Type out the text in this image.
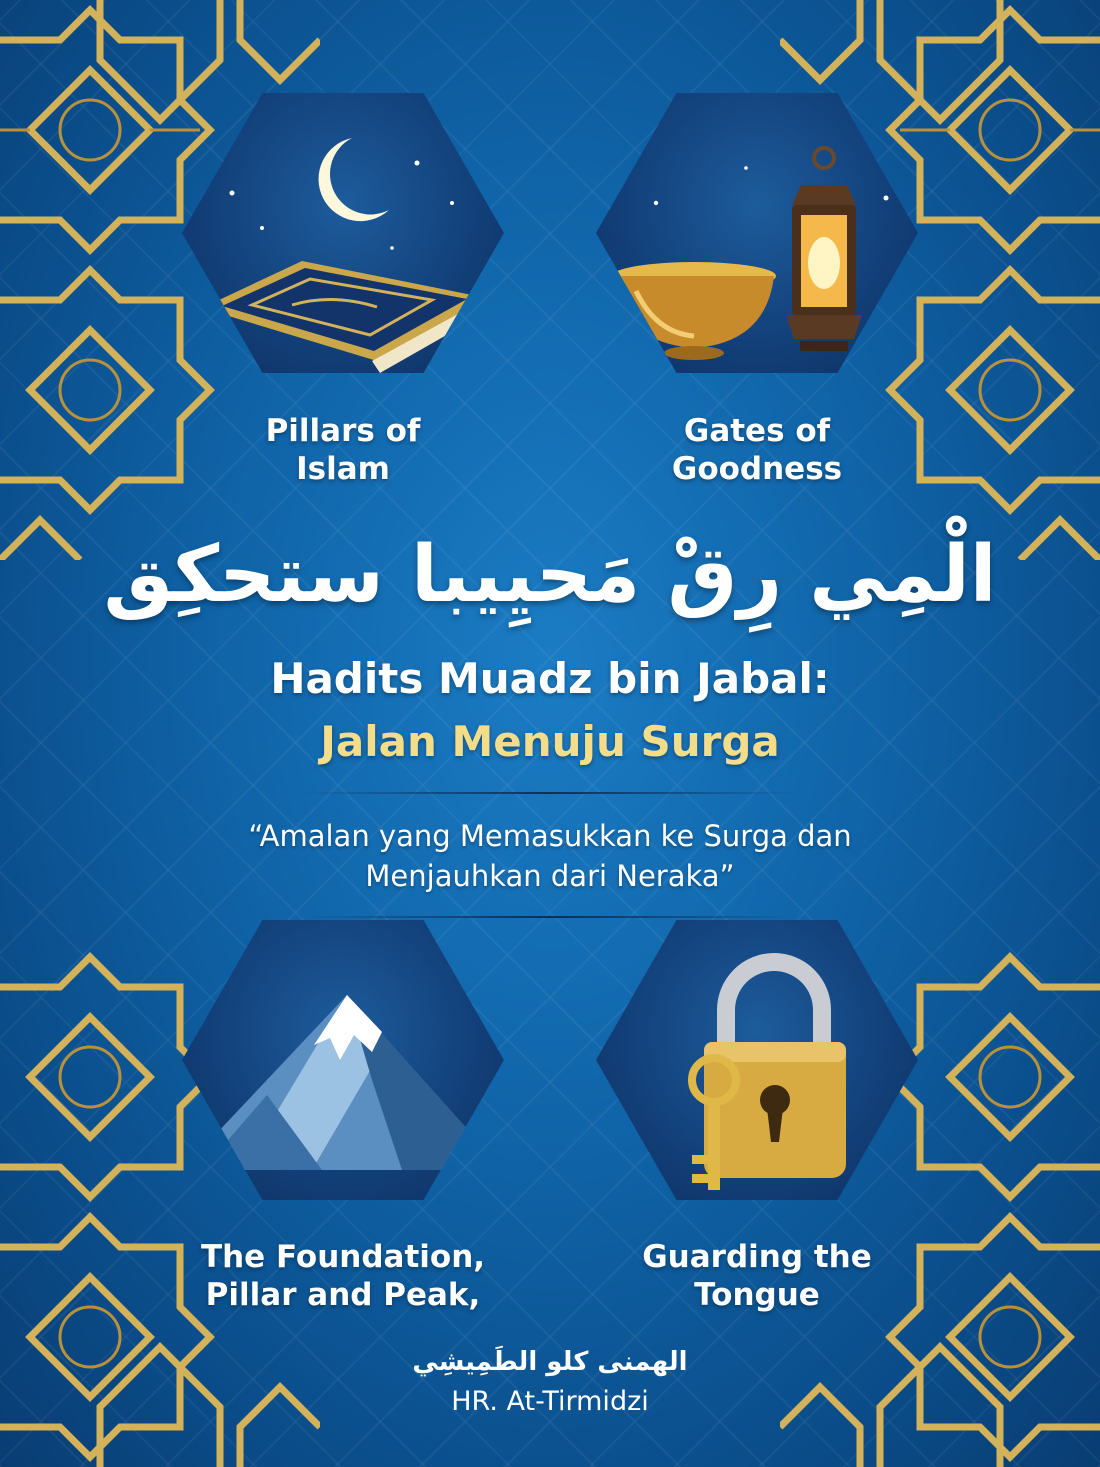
Pillars of
Islam
Gates of
Goodness
The Foundation,
Pillar and Peak,
Guarding the
Tongue
الْمِي رِقْ مَحيِيبا ستحكِق
Hadits Muadz bin Jabal:
Jalan Menuju Surga
“Amalan yang Memasukkan ke Surga dan
Menjauhkan dari Neraka”
الهمنى كلو الطَمِيشِي
HR. At-Tirmidzi
